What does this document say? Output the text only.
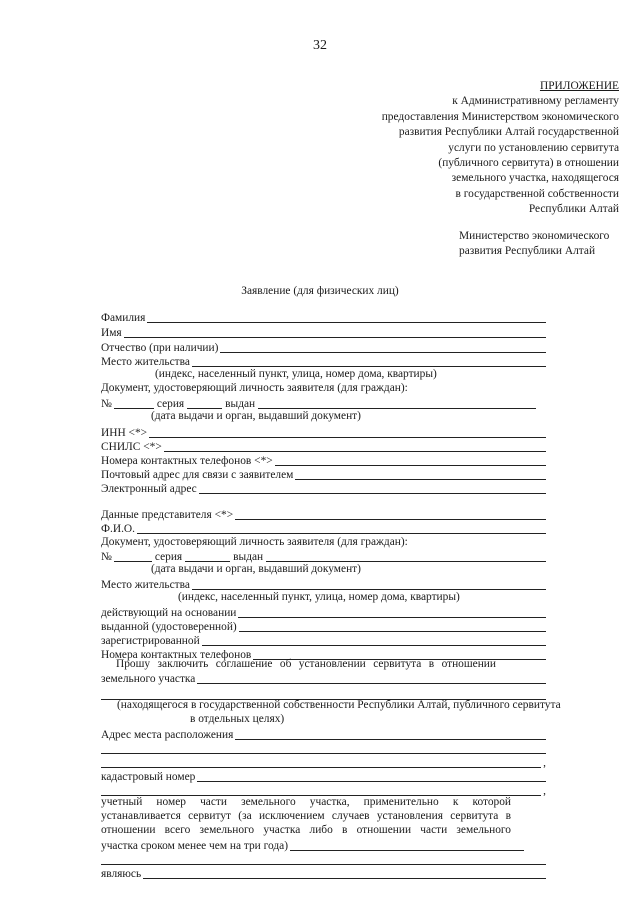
32
ПРИЛОЖЕНИЕ
к Административному регламенту
предоставления Министерством экономического
развития Республики Алтай государственной
услуги по установлению сервитута
(публичного сервитута) в отношении
земельного участка, находящегося
в государственной собственности
Республики Алтай
Министерство экономического
развития Республики Алтай
Заявление (для физических лиц)
Фамилия
Имя
Отчество (при наличии)
Место жительства
(индекс, населенный пункт, улица, номер дома, квартиры)
Документ, удостоверяющий личность заявителя (для граждан):
№	серия	выдан
(дата выдачи и орган, выдавший документ)
ИНН <*>
СНИЛС <*>
Номера контактных телефонов <*>
Почтовый адрес для связи с заявителем
Электронный адрес
Данные представителя <*>
Ф.И.О.
Документ, удостоверяющий личность заявителя (для граждан):
№	серия	выдан
(дата выдачи и орган, выдавший документ)
Место жительства
(индекс, населенный пункт, улица, номер дома, квартиры)
действующий на основании
выданной (удостоверенной)
зарегистрированной
Номера контактных телефонов
Прошу заключить соглашение об установлении сервитута в отношении
земельного участка
(находящегося в государственной собственности Республики Алтай, публичного сервитута
в отдельных целях)
Адрес места расположения
,
кадастровый номер
,
учетный номер части земельного участка, применительно к которой
устанавливается сервитут (за исключением случаев установления сервитута в
отношении всего земельного участка либо в отношении части земельного
участка сроком менее чем на три года)
являюсь
